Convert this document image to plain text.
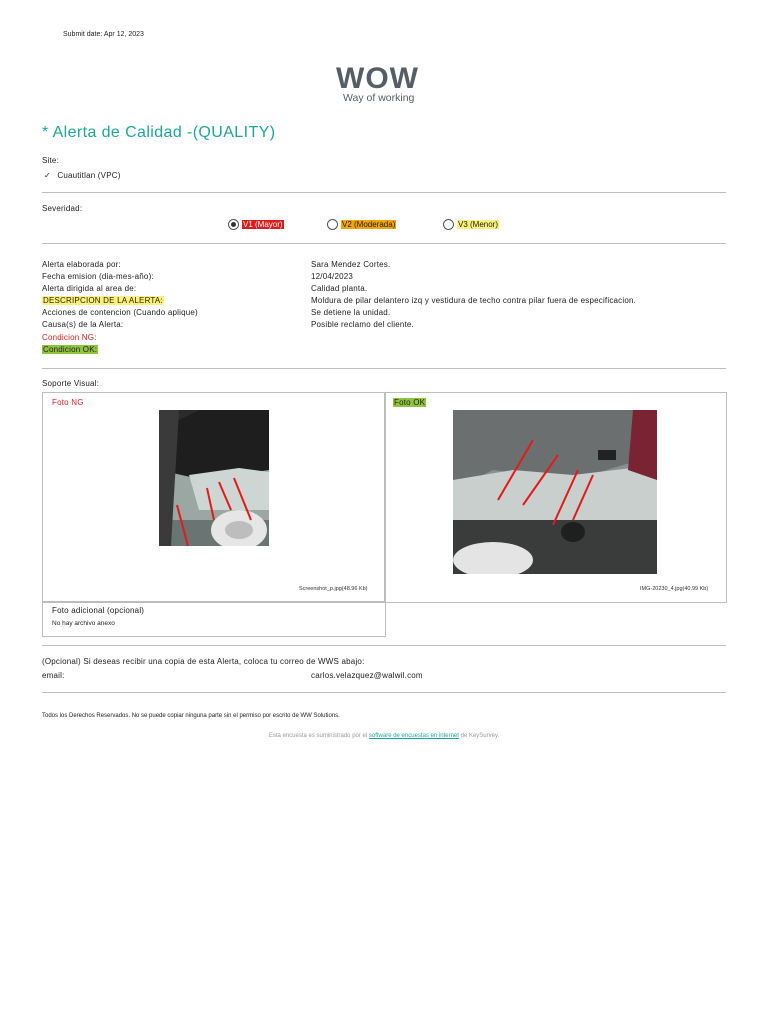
Submit date: Apr 12, 2023
WOW
Way of working
* Alerta de Calidad -(QUALITY)
Site:
✓ Cuautitlan (VPC)
Severidad:
V1 (Mayor)	V2 (Moderada)	V3 (Menor)
Alerta elaborada por:	Sara Mendez Cortes.
Fecha emision (dia-mes-año):	12/04/2023
Alerta dirigida al area de:	Calidad planta.
DESCRIPCION DE LA ALERTA:	Moldura de pilar delantero izq y vestidura de techo contra pilar fuera de especificacion.
Acciones de contencion (Cuando aplique)	Se detiene la unidad.
Causa(s) de la Alerta:	Posible reclamo del cliente.
Condicion NG:
Condicion OK:
Soporte Visual:
Foto NG
Screenshot_p.jpg(48.96 Kb)
Foto OK
IMG-20230_4.jpg(40.99 Kb)
Foto adicional (opcional)
No hay archivo anexo
(Opcional) Si deseas recibir una copia de esta Alerta, coloca tu correo de WWS abajo:
email:	carlos.velazquez@walwil.com
Todos los Derechos Reservados. No se puede copiar ninguna parte sin el permiso por escrito de WW Solutions.
Esta encuesta es suministrado por el software de encuestas en internet de KeySurvey.
